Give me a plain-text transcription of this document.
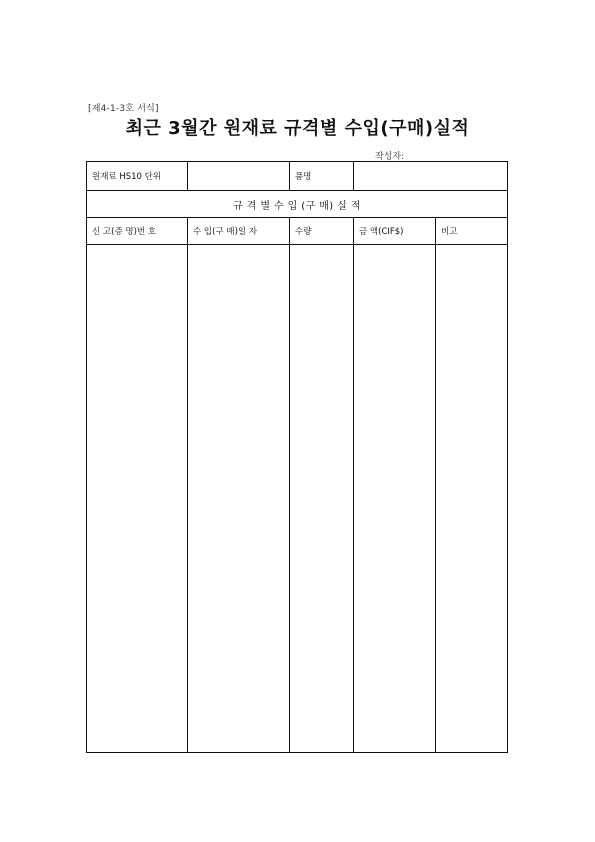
[제4-1-3호 서식]
최근 3월간 원재료 규격별 수입(구매)실적
작성자:
원재료 HS10 단위	품명
규 격 별 수 입 (구 매) 실 적
신 고(증 명)번 호	수 입(구 매)일 자	수량	금 액(CIF$)	비고
